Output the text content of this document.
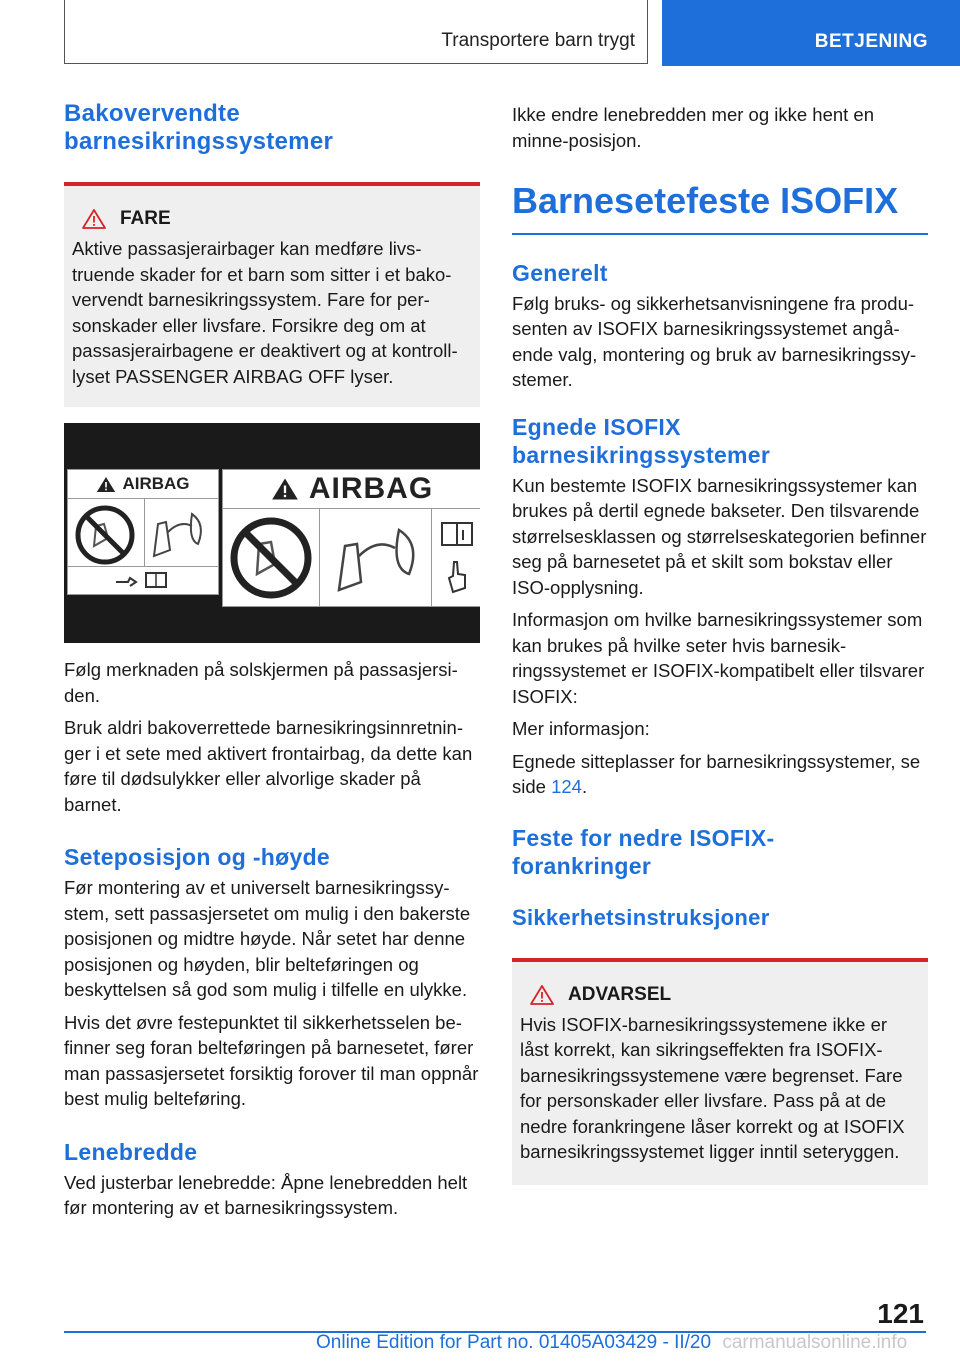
Transportere barn trygt	BETJENING
Bakovervendte barnesikringssystemer
FARE

Aktive passasjerairbager kan medføre livstruende skader for et barn som sitter i et bakovervendt barnesikringssystem. Fare for personskader eller livsfare. Forsikre deg om at passasjerairbagene er deaktivert og at kontrolllyset PASSENGER AIRBAG OFF lyser.

AIRBAG	AIRBAG

Følg merknaden på solskjermen på passasjersiden.

Bruk aldri bakoverrettede barnesikringsinnretninger i et sete med aktivert frontairbag, da dette kan føre til dødsulykker eller alvorlige skader på barnet.

Seteposisjon og -høyde

Før montering av et universelt barnesikringssystem, sett passasjersetet om mulig i den bakerste posisjonen og midtre høyde. Når setet har denne posisjonen og høyden, blir belteføringen og beskyttelsen så god som mulig i tilfelle en ulykke.

Hvis det øvre festepunktet til sikkerhetsselen befinner seg foran belteføringen på barnesetet, fører man passasjersetet forsiktig forover til man oppnår best mulig belteføring.

Lenebredde

Ved justerbar lenebredde: Åpne lenebredden helt før montering av et barnesikringssystem.

Ikke endre lenebredden mer og ikke hent en minne-posisjon.

Barnesetefeste ISOFIX
Generelt

Følg bruks- og sikkerhetsanvisningene fra produsenten av ISOFIX barnesikringssystemet angående valg, montering og bruk av barnesikringssystemer.

Egnede ISOFIX barnesikringssystemer

Kun bestemte ISOFIX barnesikringssystemer kan brukes på dertil egnede bakseter. Den tilsvarende størrelsesklassen og størrelseskategorien befinner seg på barnesetet på et skilt som bokstav eller ISO-opplysning.

Informasjon om hvilke barnesikringssystemer som kan brukes på hvilke seter hvis barnesikringssystemet er ISOFIX-kompatibelt eller tilsvarer ISOFIX:

Mer informasjon:

Egnede sitteplasser for barnesikringssystemer, se side 124.

Feste for nedre ISOFIX-forankringer
Sikkerhetsinstruksjoner
ADVARSEL

Hvis ISOFIX-barnesikringssystemene ikke er låst korrekt, kan sikringseffekten fra ISOFIX-barnesikringssystemene være begrenset. Fare for personskader eller livsfare. Pass på at de nedre forankringene låser korrekt og at ISOFIX barnesikringssystemet ligger inntil seteryggen.

121
Online Edition for Part no. 01405A03429 - II/20 carmanualsonline.info
